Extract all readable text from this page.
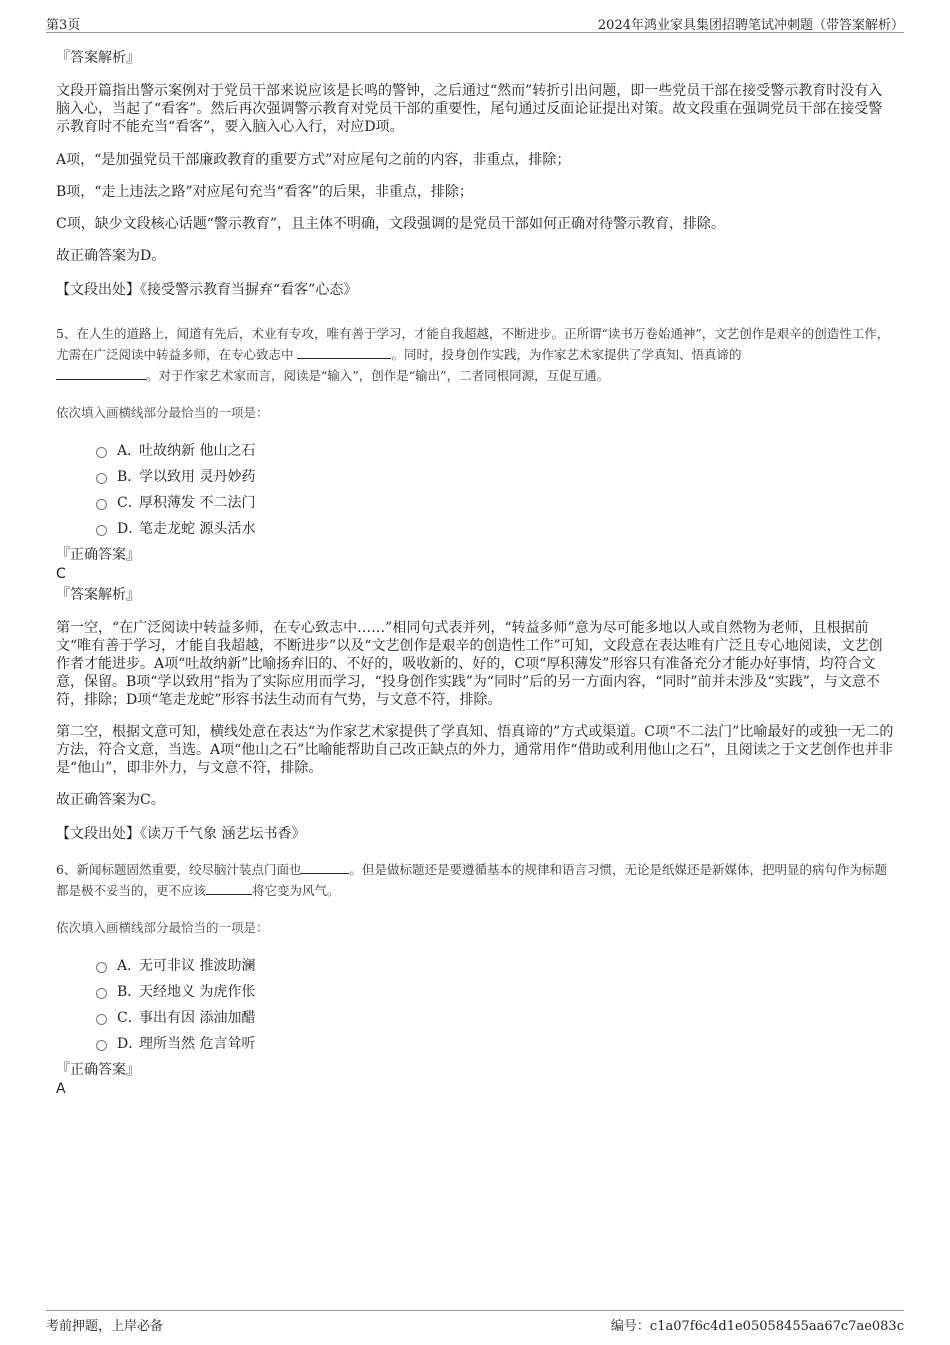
第3页	2024年鸿业家具集团招聘笔试冲刺题（带答案解析）

『答案解析』

文段开篇指出警示案例对于党员干部来说应该是长鸣的警钟，之后通过“然而”转折引出问题，即一些党员干部在接受警示教育时没有入脑入心，当起了“看客”。然后再次强调警示教育对党员干部的重要性，尾句通过反面论证提出对策。故文段重在强调党员干部在接受警示教育时不能充当“看客”，要入脑入心入行，对应D项。

A项，“是加强党员干部廉政教育的重要方式”对应尾句之前的内容，非重点，排除；

B项，“走上违法之路”对应尾句充当“看客”的后果，非重点，排除；

C项，缺少文段核心话题“警示教育”，且主体不明确，文段强调的是党员干部如何正确对待警示教育，排除。

故正确答案为D。

【文段出处】《接受警示教育当摒弃“看客”心态》

5、在人生的道路上，闻道有先后，术业有专攻，唯有善于学习，才能自我超越，不断进步。正所谓“读书万卷始通神”，文艺创作是艰辛的创造性工作，尤需在广泛阅读中转益多师，在专心致志中	。同时，投身创作实践，为作家艺术家提供了学真知、悟真谛的
。对于作家艺术家而言，阅读是“输入”，创作是“输出”，二者同根同源，互促互通。

依次填入画横线部分最恰当的一项是：

A．
吐故纳新 他山之石
B．
学以致用 灵丹妙药
C．
厚积薄发 不二法门
D．
笔走龙蛇 源头活水

『正确答案』

C

『答案解析』

第一空，“在广泛阅读中转益多师，在专心致志中……”相同句式表并列，“转益多师”意为尽可能多地以人或自然物为老师，且根据前文“唯有善于学习，才能自我超越，不断进步”以及“文艺创作是艰辛的创造性工作”可知，文段意在表达唯有广泛且专心地阅读，文艺创作者才能进步。A项“吐故纳新”比喻扬弃旧的、不好的，吸收新的、好的，C项“厚积薄发”形容只有准备充分才能办好事情，均符合文意，保留。B项“学以致用”指为了实际应用而学习，“投身创作实践”为“同时”后的另一方面内容，“同时”前并未涉及“实践”，与文意不符，排除；D项“笔走龙蛇”形容书法生动而有气势，与文意不符，排除。

第二空，根据文意可知，横线处意在表达“为作家艺术家提供了学真知、悟真谛的”方式或渠道。C项“不二法门”比喻最好的或独一无二的方法，符合文意，当选。A项“他山之石”比喻能帮助自己改正缺点的外力，通常用作“借助或利用他山之石”，且阅读之于文艺创作也并非是“他山”，即非外力，与文意不符，排除。

故正确答案为C。

【文段出处】《读万千气象 涵艺坛书香》

6、新闻标题固然重要，绞尽脑汁装点门面也	。但是做标题还是要遵循基本的规律和语言习惯，无论是纸媒还是新媒体，把明显的病句作为标题都是极不妥当的，更不应该	将它变为风气。

依次填入画横线部分最恰当的一项是：

A．
无可非议 推波助澜
B．
天经地义 为虎作伥
C．
事出有因 添油加醋
D．
理所当然 危言耸听

『正确答案』

A

考前押题，上岸必备	编号：c1a07f6c4d1e05058455aa67c7ae083c
